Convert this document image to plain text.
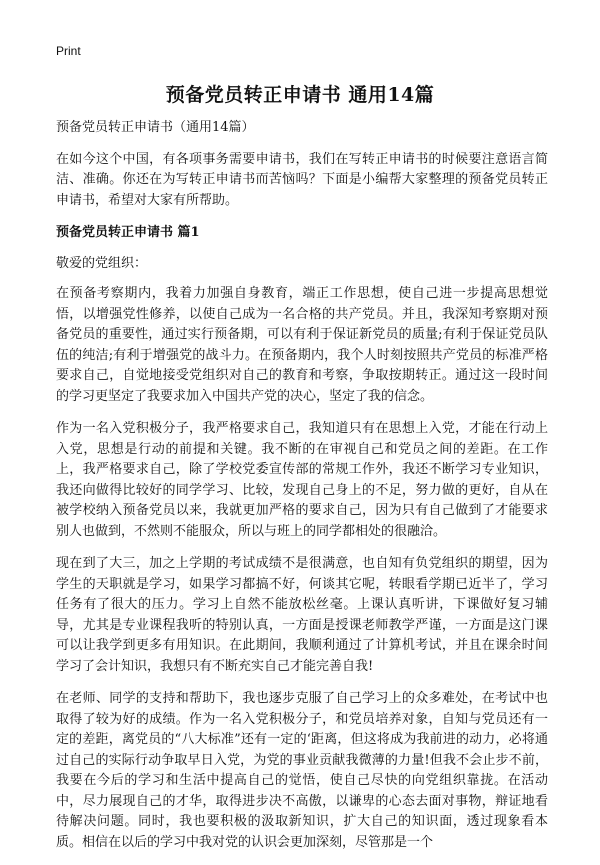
Print
预备党员转正申请书 通用14篇

预备党员转正申请书（通用14篇）

在如今这个中国，有各项事务需要申请书，我们在写转正申请书的时候要注意语言简洁、准确。你还在为写转正申请书而苦恼吗？下面是小编帮大家整理的预备党员转正申请书，希望对大家有所帮助。

预备党员转正申请书 篇1

敬爱的党组织：

在预备考察期内，我着力加强自身教育，端正工作思想，使自己进一步提高思想觉悟，以增强党性修养，以使自己成为一名合格的共产党员。并且，我深知考察期对预备党员的重要性，通过实行预备期，可以有利于保证新党员的质量;有利于保证党员队伍的纯洁;有利于增强党的战斗力。在预备期内，我个人时刻按照共产党员的标准严格要求自己，自觉地接受党组织对自己的教育和考察，争取按期转正。通过这一段时间的学习更坚定了我要求加入中国共产党的决心，坚定了我的信念。

作为一名入党积极分子，我严格要求自己，我知道只有在思想上入党，才能在行动上入党，思想是行动的前提和关键。我不断的在审视自己和党员之间的差距。在工作上，我严格要求自己，除了学校党委宣传部的常规工作外，我还不断学习专业知识，我还向做得比较好的同学学习、比较，发现自己身上的不足，努力做的更好，自从在被学校纳入预备党员以来，我就更加严格的要求自己，因为只有自己做到了才能要求别人也做到，不然则不能服众，所以与班上的同学都相处的很融洽。

现在到了大三，加之上学期的考试成绩不是很满意，也自知有负党组织的期望，因为学生的天职就是学习，如果学习都搞不好，何谈其它呢，转眼看学期已近半了，学习任务有了很大的压力。学习上自然不能放松丝毫。上课认真听讲，下课做好复习辅导，尤其是专业课程我听的特别认真，一方面是授课老师教学严谨，一方面是这门课可以让我学到更多有用知识。在此期间，我顺利通过了计算机考试，并且在课余时间学习了会计知识，我想只有不断充实自己才能完善自我!

在老师、同学的支持和帮助下，我也逐步克服了自己学习上的众多难处，在考试中也取得了较为好的成绩。作为一名入党积极分子，和党员培养对象，自知与党员还有一定的差距，离党员的“八大标准”还有一定的‘距离，但这将成为我前进的动力，必将通过自己的实际行动争取早日入党，为党的事业贡献我微薄的力量!但我不会止步不前，我要在今后的学习和生活中提高自己的觉悟，使自己尽快的向党组织靠拢。在活动中，尽力展现自己的才华，取得进步决不高傲，以谦卑的心态去面对事物，辩证地看待解决问题。同时，我也要积极的汲取新知识，扩大自己的知识面，透过现象看本质。相信在以后的学习中我对党的认识会更加深刻，尽管那是一个
